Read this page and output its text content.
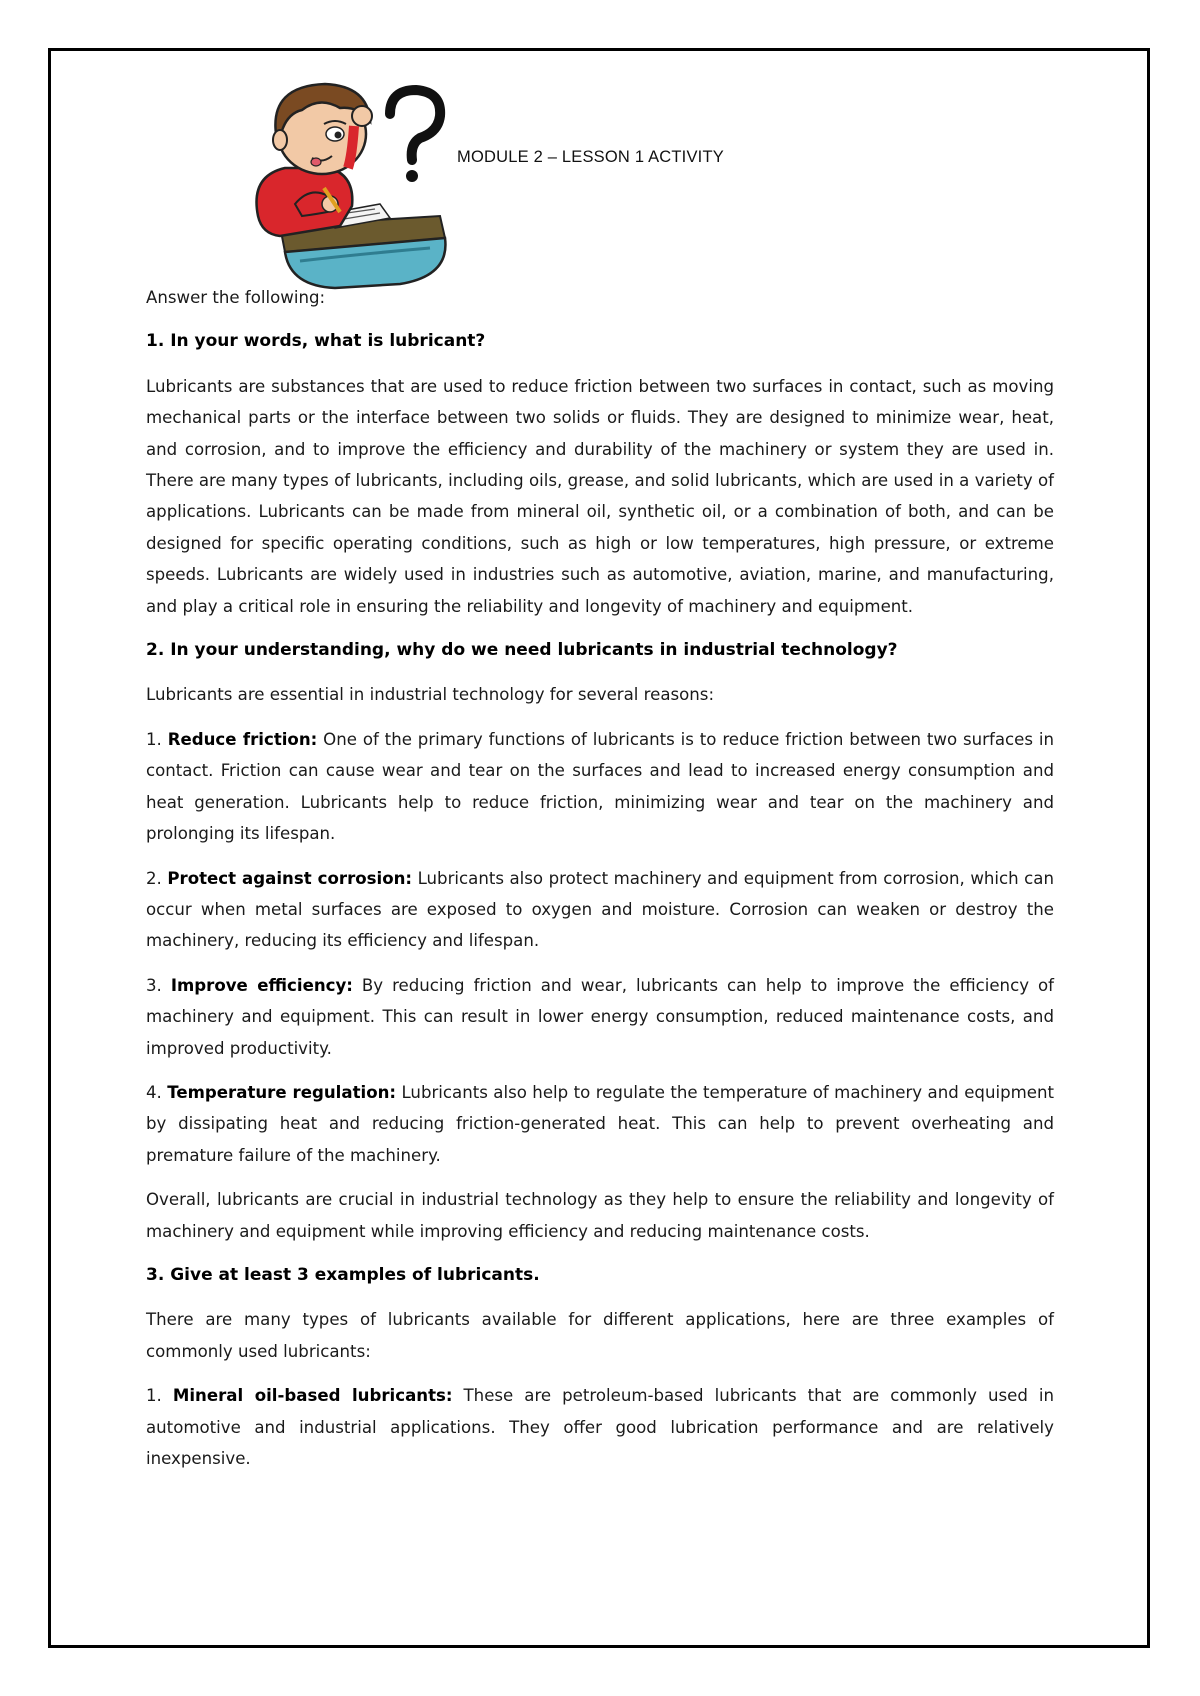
MODULE 2 – LESSON 1 ACTIVITY

Answer the following:

1. In your words, what is lubricant?

Lubricants are substances that are used to reduce friction between two surfaces in contact, such as moving mechanical parts or the interface between two solids or fluids. They are designed to minimize wear, heat, and corrosion, and to improve the efficiency and durability of the machinery or system they are used in. There are many types of lubricants, including oils, grease, and solid lubricants, which are used in a variety of applications. Lubricants can be made from mineral oil, synthetic oil, or a combination of both, and can be designed for specific operating conditions, such as high or low temperatures, high pressure, or extreme speeds. Lubricants are widely used in industries such as automotive, aviation, marine, and manufacturing, and play a critical role in ensuring the reliability and longevity of machinery and equipment.

2. In your understanding, why do we need lubricants in industrial technology?

Lubricants are essential in industrial technology for several reasons:

1. Reduce friction: One of the primary functions of lubricants is to reduce friction between two surfaces in contact. Friction can cause wear and tear on the surfaces and lead to increased energy consumption and heat generation. Lubricants help to reduce friction, minimizing wear and tear on the machinery and prolonging its lifespan.

2. Protect against corrosion: Lubricants also protect machinery and equipment from corrosion, which can occur when metal surfaces are exposed to oxygen and moisture. Corrosion can weaken or destroy the machinery, reducing its efficiency and lifespan.

3. Improve efficiency: By reducing friction and wear, lubricants can help to improve the efficiency of machinery and equipment. This can result in lower energy consumption, reduced maintenance costs, and improved productivity.

4. Temperature regulation: Lubricants also help to regulate the temperature of machinery and equipment by dissipating heat and reducing friction-generated heat. This can help to prevent overheating and premature failure of the machinery.

Overall, lubricants are crucial in industrial technology as they help to ensure the reliability and longevity of machinery and equipment while improving efficiency and reducing maintenance costs.

3. Give at least 3 examples of lubricants.

There are many types of lubricants available for different applications, here are three examples of commonly used lubricants:

1. Mineral oil-based lubricants: These are petroleum-based lubricants that are commonly used in automotive and industrial applications. They offer good lubrication performance and are relatively inexpensive.
